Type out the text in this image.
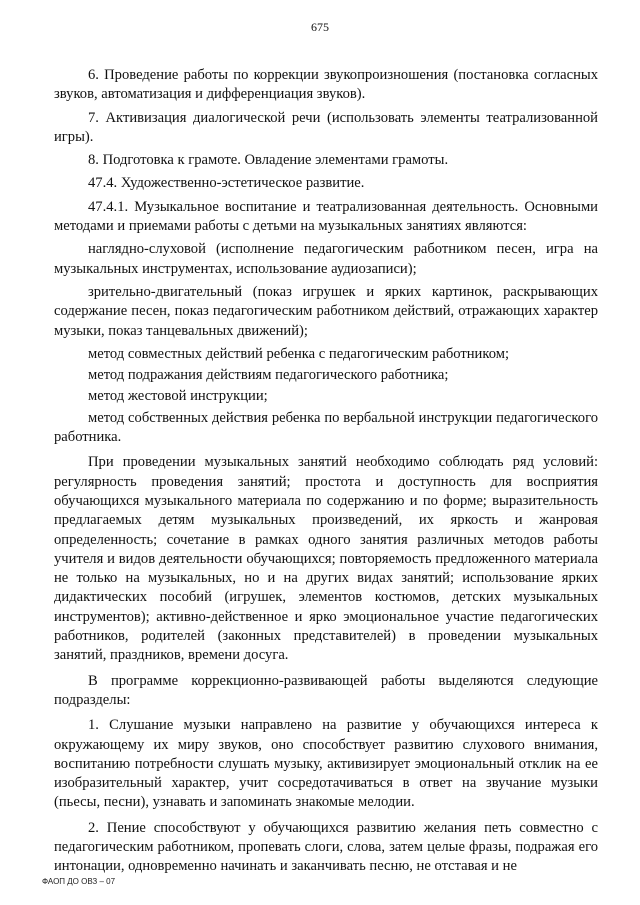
675

6. Проведение работы по коррекции звукопроизношения (постановка согласных звуков, автоматизация и дифференциация звуков).

7. Активизация диалогической речи (использовать элементы театрализованной игры).

8. Подготовка к грамоте. Овладение элементами грамоты.

47.4. Художественно-эстетическое развитие.

47.4.1. Музыкальное воспитание и театрализованная деятельность. Основными методами и приемами работы с детьми на музыкальных занятиях являются:

наглядно-слуховой (исполнение педагогическим работником песен, игра на музыкальных инструментах, использование аудиозаписи);

зрительно-двигательный (показ игрушек и ярких картинок, раскрывающих содержание песен, показ педагогическим работником действий, отражающих характер музыки, показ танцевальных движений);

метод совместных действий ребенка с педагогическим работником;

метод подражания действиям педагогического работника;

метод жестовой инструкции;

метод собственных действия ребенка по вербальной инструкции педагогического работника.

При проведении музыкальных занятий необходимо соблюдать ряд условий: регулярность проведения занятий; простота и доступность для восприятия обучающихся музыкального материала по содержанию и по форме; выразительность предлагаемых детям музыкальных произведений, их яркость и жанровая определенность; сочетание в рамках одного занятия различных методов работы учителя и видов деятельности обучающихся; повторяемость предложенного материала не только на музыкальных, но и на других видах занятий; использование ярких дидактических пособий (игрушек, элементов костюмов, детских музыкальных инструментов); активно-действенное и ярко эмоциональное участие педагогических работников, родителей (законных представителей) в проведении музыкальных занятий, праздников, времени досуга.

В программе коррекционно-развивающей работы выделяются следующие подразделы:

1. Слушание музыки направлено на развитие у обучающихся интереса к окружающему их миру звуков, оно способствует развитию слухового внимания, воспитанию потребности слушать музыку, активизирует эмоциональный отклик на ее изобразительный характер, учит сосредотачиваться в ответ на звучание музыки (пьесы, песни), узнавать и запоминать знакомые мелодии.

2. Пение способствуют у обучающихся развитию желания петь совместно с педагогическим работником, пропевать слоги, слова, затем целые фразы, подражая его интонации, одновременно начинать и заканчивать песню, не отставая и не

ФАОП ДО ОВЗ – 07
